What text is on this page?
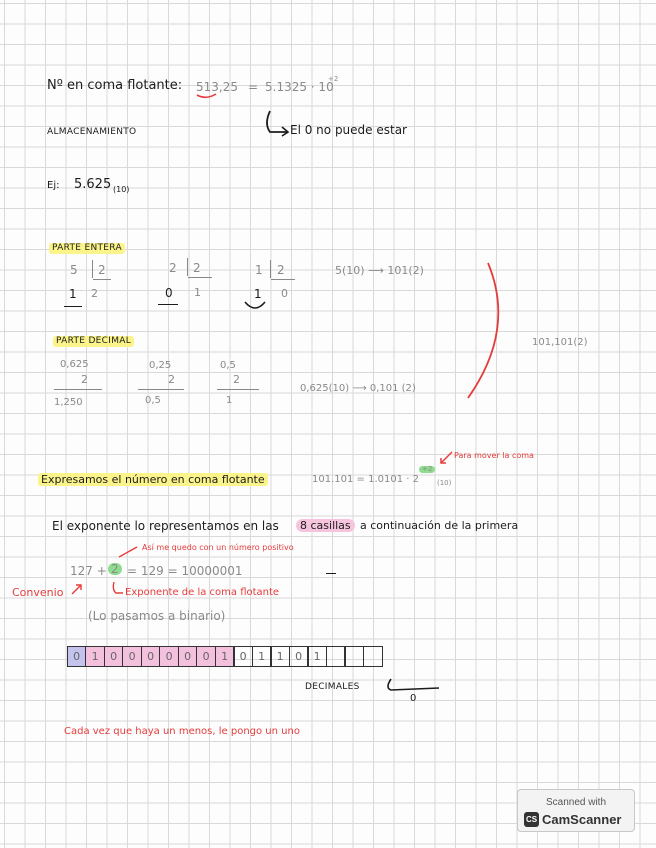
Nº en coma flotante: 513,25 = 5.1325 · 10
+2
ALMACENAMIENTO	El 0 no puede estar
Ej: 5.625 (10)
PARTE ENTERA
5 2
1 2
2 2
0 1
1 2
1 0
5(10) ⟶ 101(2)
PARTE DECIMAL
0,625
2
1,250
0,25
2
0,5
0,5
2
1
0,625(10) ⟶ 0,101 (2)
101,101(2)
Para mover la coma
Expresamos el número en coma flotante	101.101 = 1.0101 · 2
+2
(10)
El exponente lo representamos en las	8 casillas a continuación de la primera
Así me quedo con un número positivo
127 + 2 = 129 = 10000001
Convenio	Exponente de la coma flotante
(Lo pasamos a binario)
0	1	0	0	0	0	0	0	1	0	1	1	0	1
DECIMALES
0
Cada vez que haya un menos, le pongo un uno
Scanned with
CS CamScanner
